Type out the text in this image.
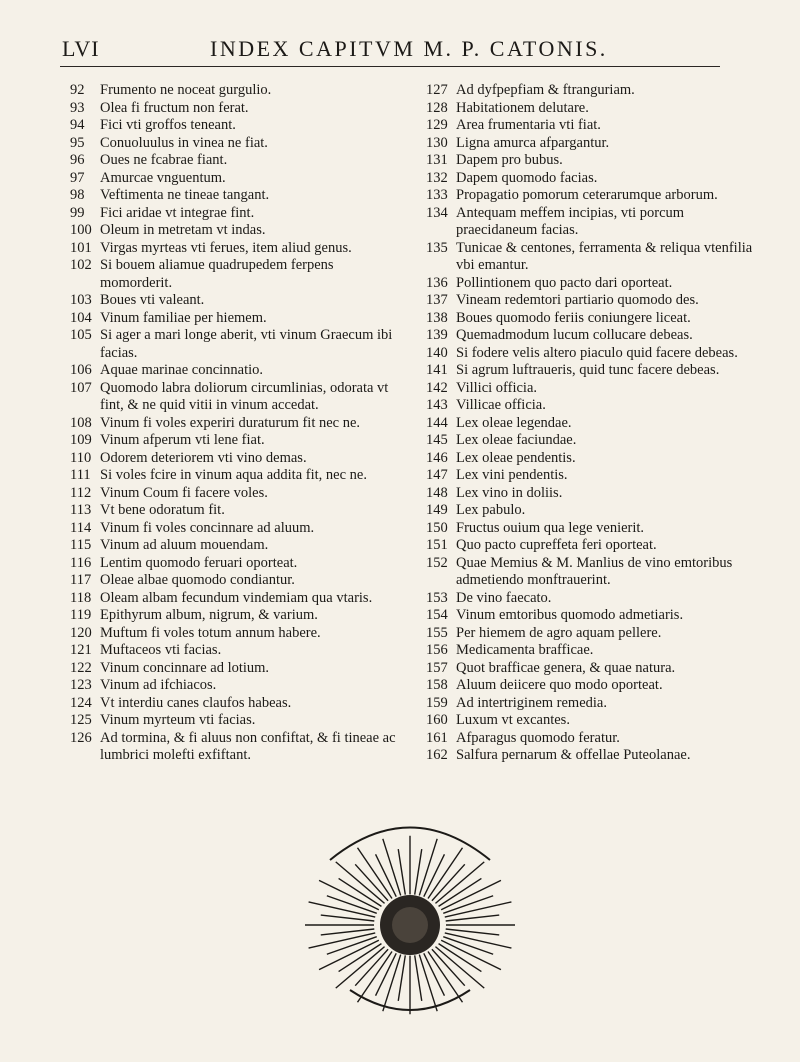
LVI	INDEX CAPITVM M. P. CATONIS.
92	Frumento ne noceat gurgulio.
93	Olea fi fructum non ferat.
94	Fici vti groffos teneant.
95	Conuoluulus in vinea ne fiat.
96	Oues ne fcabrae fiant.
97	Amurcae vnguentum.
98	Veftimenta ne tineae tangant.
99	Fici aridae vt integrae fint.
100 Oleum in metretam vt indas.
101 Virgas myrteas vti ferues, item aliud genus.
102 Si bouem aliamue quadrupedem ferpens momorderit.
103 Boues vti valeant.
104 Vinum familiae per hiemem.
105 Si ager a mari longe aberit, vti vinum Graecum ibi facias.
106 Aquae marinae concinnatio.
107 Quomodo labra doliorum circumlinias, odorata vt fint, & ne quid vitii in vinum accedat.
108 Vinum fi voles experiri duraturum fit nec ne.
109 Vinum afperum vti lene fiat.
110 Odorem deteriorem vti vino demas.
111 Si voles fcire in vinum aqua addita fit, nec ne.
112 Vinum Coum fi facere voles.
113 Vt bene odoratum fit.
114 Vinum fi voles concinnare ad aluum.
115 Vinum ad aluum mouendam.
116 Lentim quomodo feruari oporteat.
117 Oleae albae quomodo condiantur.
118 Oleam albam fecundum vindemiam qua vtaris.
119 Epithyrum album, nigrum, & varium.
120 Muftum fi voles totum annum habere.
121 Muftaceos vti facias.
122 Vinum concinnare ad lotium.
123 Vinum ad ifchiacos.
124 Vt interdiu canes claufos habeas.
125 Vinum myrteum vti facias.
126 Ad tormina, & fi aluus non confiftat, & fi tineae ac lumbrici molefti exfiftant.
127 Ad dyfpepfiam & ftranguriam.
128 Habitationem delutare.
129 Area frumentaria vti fiat.
130 Ligna amurca afpargantur.
131 Dapem pro bubus.
132 Dapem quomodo facias.
133 Propagatio pomorum ceterarumque arborum.
134 Antequam meffem incipias, vti porcum praecidaneum facias.
135 Tunicae & centones, ferramenta & reliqua vtenfilia vbi emantur.
136 Pollintionem quo pacto dari oporteat.
137 Vineam redemtori partiario quomodo des.
138 Boues quomodo feriis coniungere liceat.
139 Quemadmodum lucum collucare debeas.
140 Si fodere velis altero piaculo quid facere debeas.
141 Si agrum luftraueris, quid tunc facere debeas.
142 Villici officia.
143 Villicae officia.
144 Lex oleae legendae.
145 Lex oleae faciundae.
146 Lex oleae pendentis.
147 Lex vini pendentis.
148 Lex vino in doliis.
149 Lex pabulo.
150 Fructus ouium qua lege venierit.
151 Quo pacto cupreffeta feri oporteat.
152 Quae Memius & M. Manlius de vino emtoribus admetiendo monftrauerint.
153 De vino faecato.
154 Vinum emtoribus quomodo admetiaris.
155 Per hiemem de agro aquam pellere.
156 Medicamenta brafficae.
157 Quot brafficae genera, & quae natura.
158 Aluum deiicere quo modo oporteat.
159 Ad intertriginem remedia.
160 Luxum vt excantes.
161 Afparagus quomodo feratur.
162 Salfura pernarum & offellae Puteolanae.
